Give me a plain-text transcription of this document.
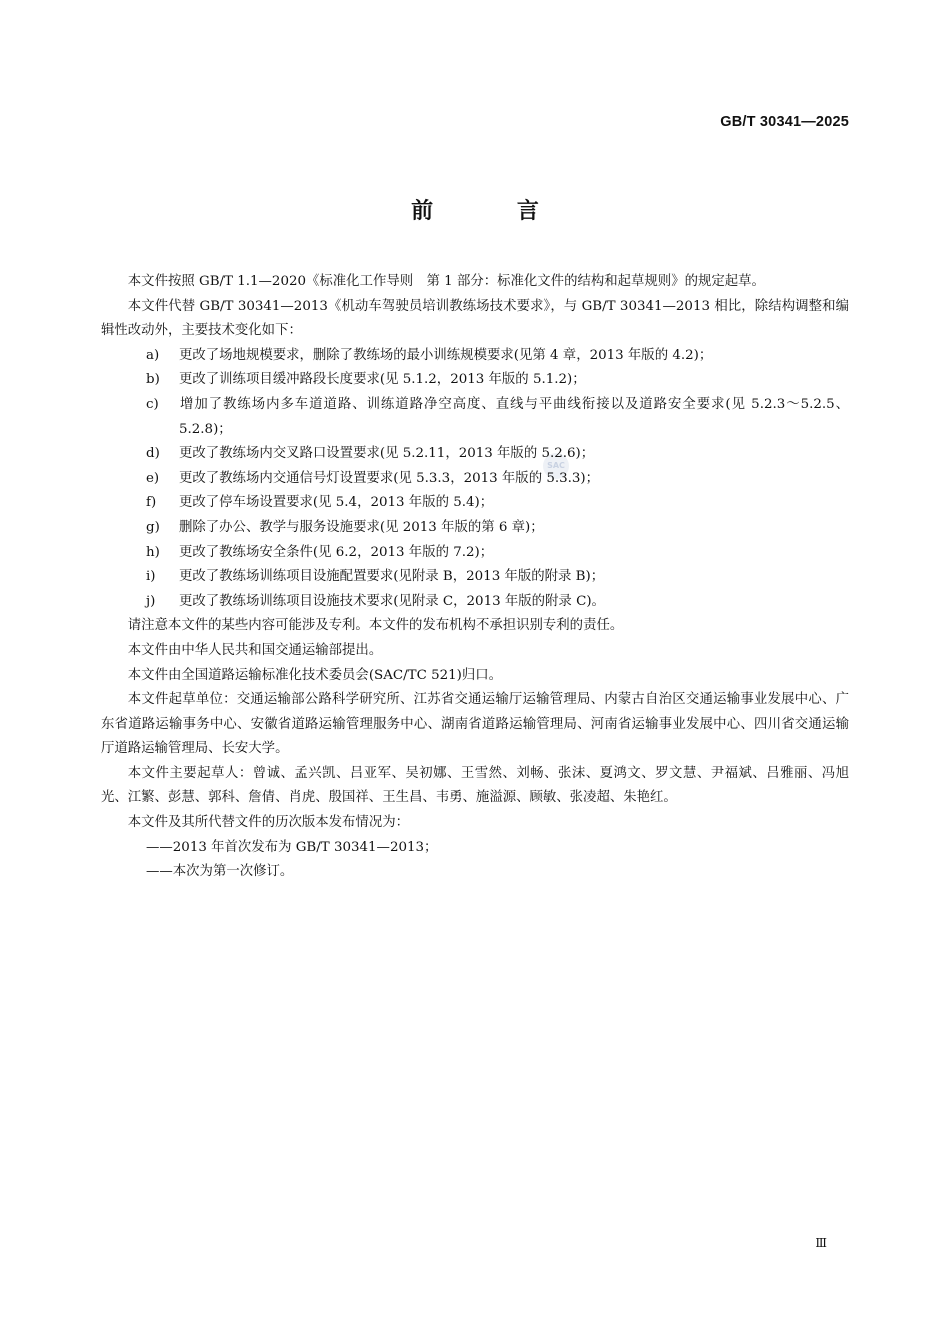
GB/T 30341—2025
前 言
SAC

本文件按照 GB/T 1.1—2020《标准化工作导则　第 1 部分：标准化文件的结构和起草规则》的规定起草。

本文件代替 GB/T 30341—2013《机动车驾驶员培训教练场技术要求》，与 GB/T 30341—2013 相比，除结构调整和编辑性改动外，主要技术变化如下：

a) 更改了场地规模要求，删除了教练场的最小训练规模要求(见第 4 章，2013 年版的 4.2)；

b) 更改了训练项目缓冲路段长度要求(见 5.1.2，2013 年版的 5.1.2)；

c) 增加了教练场内多车道道路、训练道路净空高度、直线与平曲线衔接以及道路安全要求(见 5.2.3～5.2.5、5.2.8)；

d) 更改了教练场内交叉路口设置要求(见 5.2.11，2013 年版的 5.2.6)；

e) 更改了教练场内交通信号灯设置要求(见 5.3.3，2013 年版的 5.3.3)；

f) 更改了停车场设置要求(见 5.4，2013 年版的 5.4)；

g) 删除了办公、教学与服务设施要求(见 2013 年版的第 6 章)；

h) 更改了教练场安全条件(见 6.2，2013 年版的 7.2)；

i) 更改了教练场训练项目设施配置要求(见附录 B，2013 年版的附录 B)；

j) 更改了教练场训练项目设施技术要求(见附录 C，2013 年版的附录 C)。

请注意本文件的某些内容可能涉及专利。本文件的发布机构不承担识别专利的责任。

本文件由中华人民共和国交通运输部提出。

本文件由全国道路运输标准化技术委员会(SAC/TC 521)归口。

本文件起草单位：交通运输部公路科学研究所、江苏省交通运输厅运输管理局、内蒙古自治区交通运输事业发展中心、广东省道路运输事务中心、安徽省道路运输管理服务中心、湖南省道路运输管理局、河南省运输事业发展中心、四川省交通运输厅道路运输管理局、长安大学。

本文件主要起草人：曾诚、孟兴凯、吕亚军、吴初娜、王雪然、刘畅、张沫、夏鸿文、罗文慧、尹福斌、吕雅丽、冯旭光、江繁、彭慧、郭科、詹倩、肖虎、殷国祥、王生昌、韦勇、施溢源、顾敏、张凌超、朱艳红。

本文件及其所代替文件的历次版本发布情况为：

——2013 年首次发布为 GB/T 30341—2013；

——本次为第一次修订。

Ⅲ
